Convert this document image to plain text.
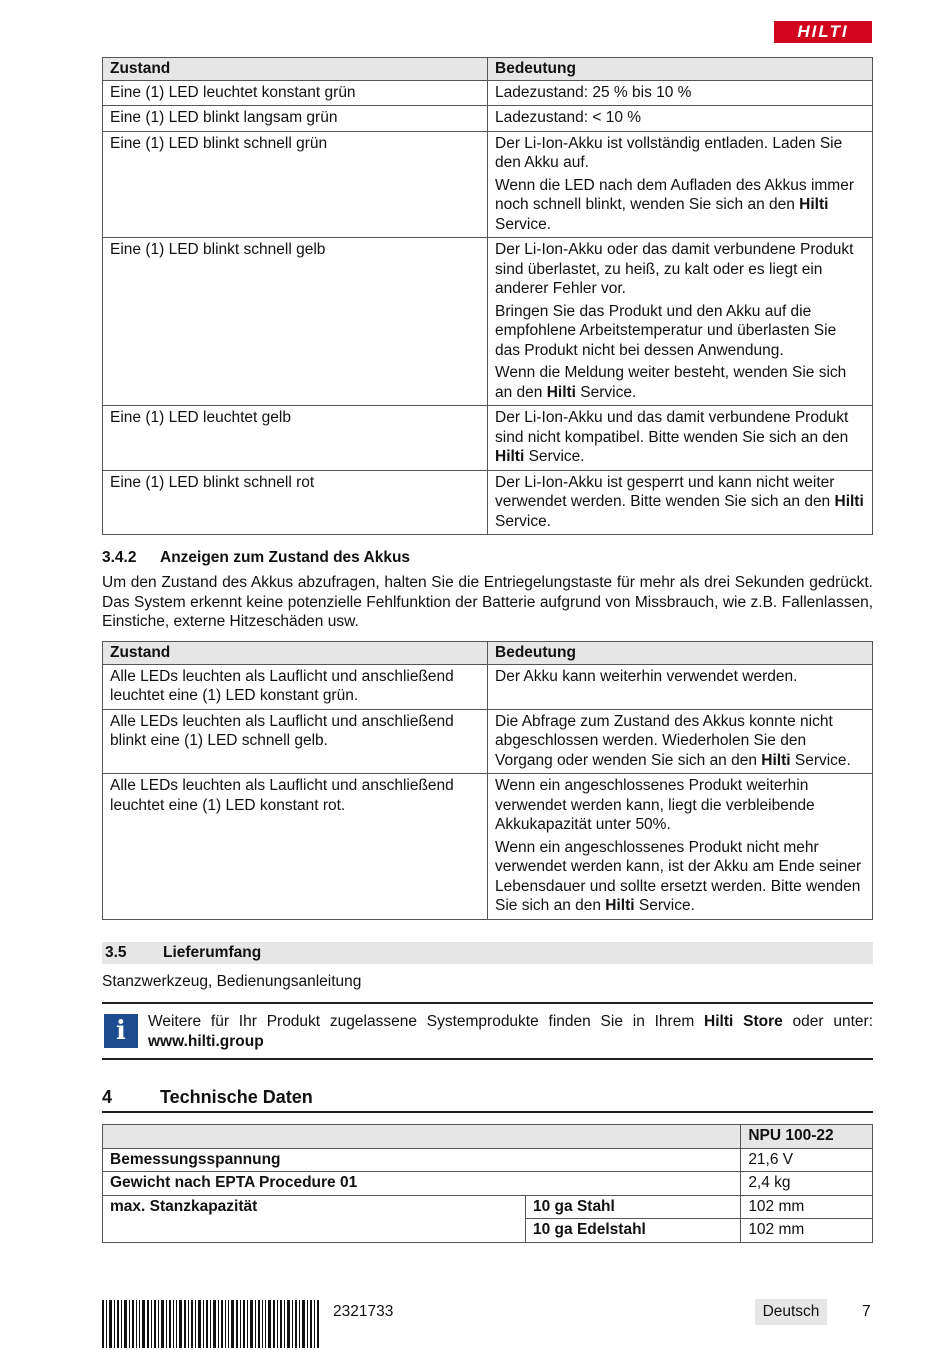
HILTI
Zustand	Bedeutung
Eine (1) LED leuchtet konstant grün	Ladezustand: 25 % bis 10 %

Eine (1) LED blinkt langsam grün	Ladezustand: < 10 %

Eine (1) LED blinkt schnell grün	Der Li‑Ion‑Akku ist vollständig entladen. Laden Sie den Akku auf.

Wenn die LED nach dem Aufladen des Akkus immer noch schnell blinkt, wenden Sie sich an den Hilti Service.

Eine (1) LED blinkt schnell gelb	Der Li‑Ion‑Akku oder das damit verbundene Produkt sind überlastet, zu heiß, zu kalt oder es liegt ein anderer Fehler vor.

Bringen Sie das Produkt und den Akku auf die empfohlene Arbeitstemperatur und überlasten Sie das Produkt nicht bei dessen Anwendung.

Wenn die Meldung weiter besteht, wenden Sie sich an den Hilti Service.

Eine (1) LED leuchtet gelb	Der Li‑Ion‑Akku und das damit verbundene Produkt sind nicht kompatibel. Bitte wenden Sie sich an den Hilti Service.

Eine (1) LED blinkt schnell rot	Der Li‑Ion‑Akku ist gesperrt und kann nicht weiter verwendet werden. Bitte wenden Sie sich an den Hilti Service.

3.4.2 Anzeigen zum Zustand des Akkus
Um den Zustand des Akkus abzufragen, halten Sie die Entriegelungstaste für mehr als drei Sekunden gedrückt. Das System erkennt keine potenzielle Fehlfunktion der Batterie aufgrund von Missbrauch, wie z.B. Fallenlassen, Einstiche, externe Hitzeschäden usw.
Zustand	Bedeutung
Alle LEDs leuchten als Lauflicht und anschließend leuchtet eine (1) LED konstant grün.	Der Akku kann weiterhin verwendet werden.

Alle LEDs leuchten als Lauflicht und anschließend blinkt eine (1) LED schnell gelb.	Die Abfrage zum Zustand des Akkus konnte nicht abgeschlossen werden. Wiederholen Sie den Vorgang oder wenden Sie sich an den Hilti Service.

Alle LEDs leuchten als Lauflicht und anschließend leuchtet eine (1) LED konstant rot.	Wenn ein angeschlossenes Produkt weiterhin verwendet werden kann, liegt die verbleibende Akkukapazität unter 50%.

Wenn ein angeschlossenes Produkt nicht mehr verwendet werden kann, ist der Akku am Ende seiner Lebensdauer und sollte ersetzt werden. Bitte wenden Sie sich an den Hilti Service.

3.5 Lieferumfang
Stanzwerkzeug, Bedienungsanleitung
i	Weitere für Ihr Produkt zugelassene Systemprodukte finden Sie in Ihrem Hilti Store oder unter: www.hilti.group
4	Technische Daten
		NPU 100-22
Bemessungsspannung		21,6 V
Gewicht nach EPTA Procedure 01		2,4 kg
max. Stanzkapazität	10 ga Stahl	102 mm
	10 ga Edelstahl	102 mm
2321733	Deutsch	7
